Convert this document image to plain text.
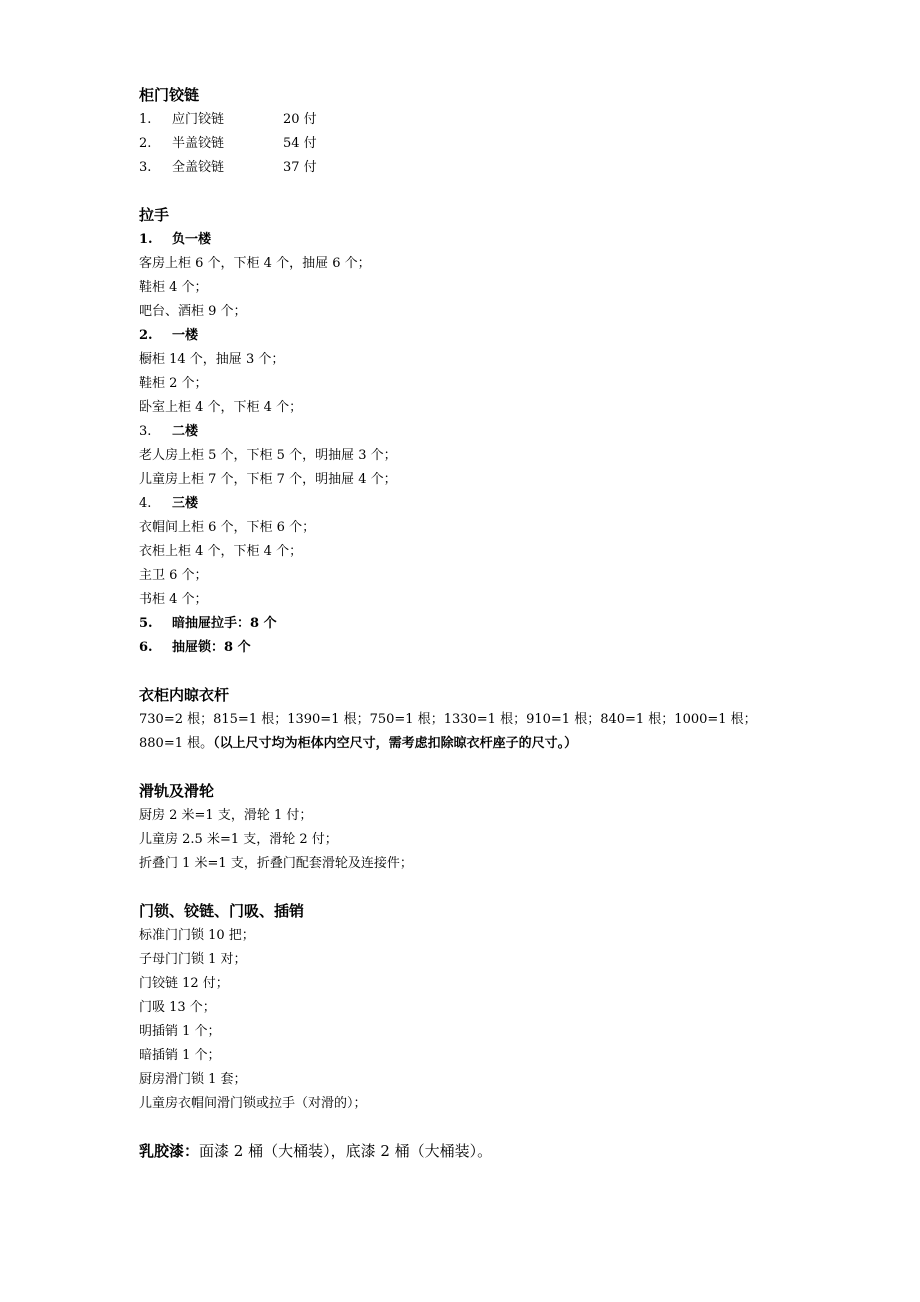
柜门铰链
1. 应门铰链	20 付
2. 半盖铰链	54 付
3. 全盖铰链	37 付
拉手
1. 负一楼
客房上柜 6 个，下柜 4 个，抽屉 6 个；
鞋柜 4 个；
吧台、酒柜 9 个；
2. 一楼
橱柜 14 个，抽屉 3 个；
鞋柜 2 个；
卧室上柜 4 个，下柜 4 个；
3. 二楼
老人房上柜 5 个，下柜 5 个，明抽屉 3 个；
儿童房上柜 7 个，下柜 7 个，明抽屉 4 个；
4. 三楼
衣帽间上柜 6 个，下柜 6 个；
衣柜上柜 4 个，下柜 4 个；
主卫 6 个；
书柜 4 个；
5. 暗抽屉拉手：8 个
6. 抽屉锁：8 个
衣柜内晾衣杆
730=2 根；815=1 根；1390=1 根；750=1 根；1330=1 根；910=1 根；840=1 根；1000=1 根；880=1 根。（以上尺寸均为柜体内空尺寸，需考虑扣除晾衣杆座子的尺寸。）
滑轨及滑轮
厨房 2 米=1 支，滑轮 1 付；
儿童房 2.5 米=1 支，滑轮 2 付；
折叠门 1 米=1 支，折叠门配套滑轮及连接件；
门锁、铰链、门吸、插销
标准门门锁 10 把；
子母门门锁 1 对；
门铰链 12 付；
门吸 13 个；
明插销 1 个；
暗插销 1 个；
厨房滑门锁 1 套；
儿童房衣帽间滑门锁或拉手（对滑的）；
乳胶漆：面漆 2 桶（大桶装），底漆 2 桶（大桶装）。
